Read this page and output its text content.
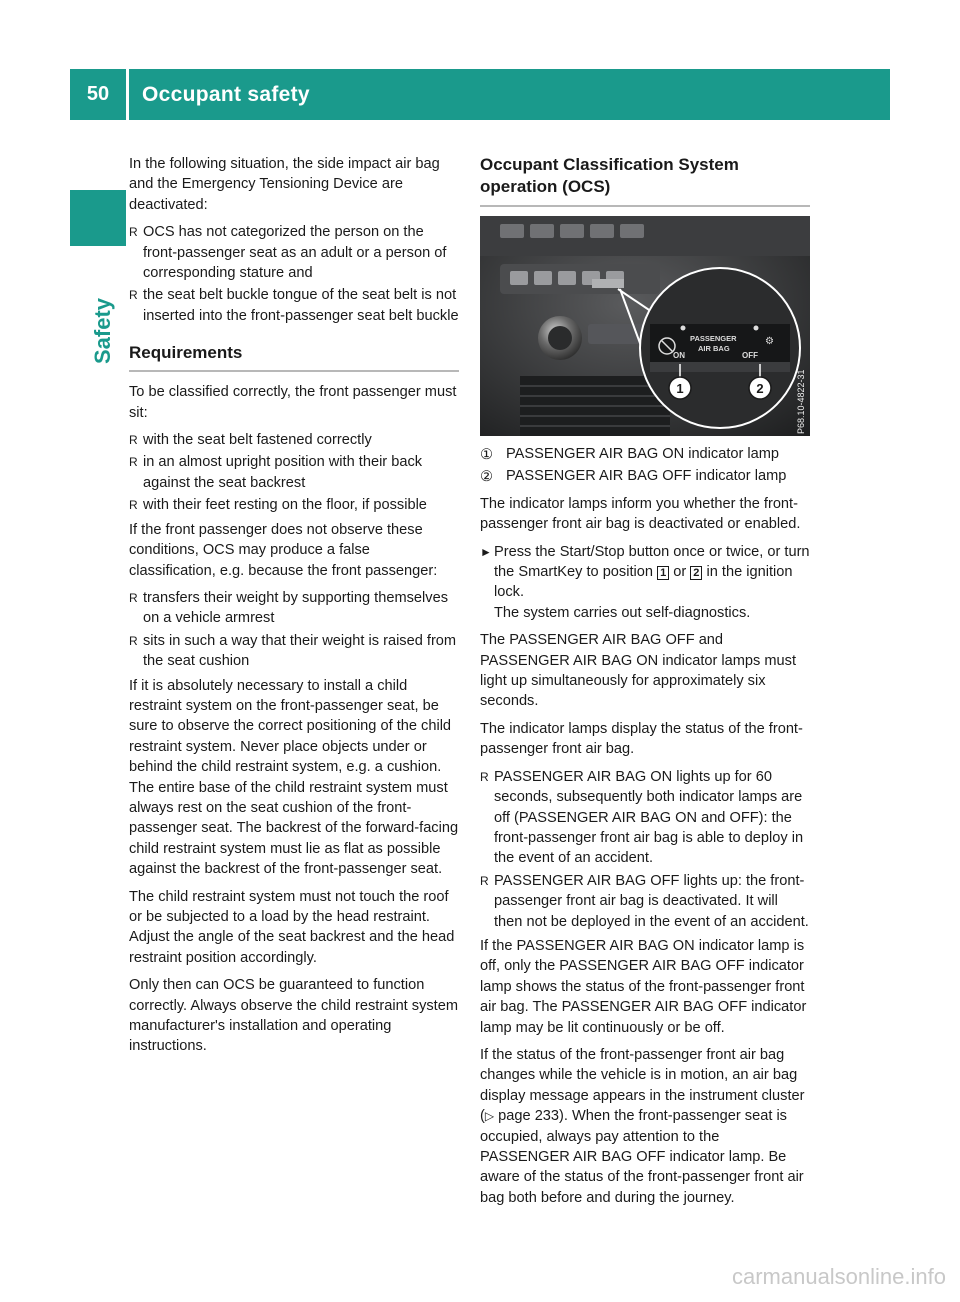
50	Occupant safety
Safety

In the following situation, the side impact air bag and the Emergency Tensioning Device are deactivated:

R OCS has not categorized the person on the front-passenger seat as an adult or a person of corresponding stature and
R the seat belt buckle tongue of the seat belt is not inserted into the front-passenger seat belt buckle
Requirements

To be classified correctly, the front passenger must sit:

R with the seat belt fastened correctly
R in an almost upright position with their back against the seat backrest
R with their feet resting on the floor, if possible

If the front passenger does not observe these conditions, OCS may produce a false classification, e.g. because the front passenger:

R transfers their weight by supporting themselves on a vehicle armrest
R sits in such a way that their weight is raised from the seat cushion

If it is absolutely necessary to install a child restraint system on the front-passenger seat, be sure to observe the correct positioning of the child restraint system. Never place objects under or behind the child restraint system, e.g. a cushion. The entire base of the child restraint system must always rest on the seat cushion of the front-passenger seat. The backrest of the forward-facing child restraint system must lie as flat as possible against the backrest of the front-passenger seat.

The child restraint system must not touch the roof or be subjected to a load by the head restraint. Adjust the angle of the seat backrest and the head restraint position accordingly.

Only then can OCS be guaranteed to function correctly. Always observe the child restraint system manufacturer's installation and operating instructions.

Occupant Classification System operation (OCS)
ON
PASSENGER
AIR BAG
OFF
⚙
1	2	P68.10-4822-31
① PASSENGER AIR BAG ON indicator lamp
② PASSENGER AIR BAG OFF indicator lamp

The indicator lamps inform you whether the front-passenger front air bag is deactivated or enabled.

► Press the Start/Stop button once or twice, or turn the SmartKey to position 1 or 2 in the ignition lock.
The system carries out self-diagnostics.

The PASSENGER AIR BAG OFF and PASSENGER AIR BAG ON indicator lamps must light up simultaneously for approximately six seconds.

The indicator lamps display the status of the front-passenger front air bag.

R PASSENGER AIR BAG ON lights up for 60 seconds, subsequently both indicator lamps are off (PASSENGER AIR BAG ON and OFF): the front-passenger front air bag is able to deploy in the event of an accident.
R PASSENGER AIR BAG OFF lights up: the front-passenger front air bag is deactivated. It will then not be deployed in the event of an accident.

If the PASSENGER AIR BAG ON indicator lamp is off, only the PASSENGER AIR BAG OFF indicator lamp shows the status of the front-passenger front air bag. The PASSENGER AIR BAG OFF indicator lamp may be lit continuously or be off.

If the status of the front-passenger front air bag changes while the vehicle is in motion, an air bag display message appears in the instrument cluster (▷ page 233). When the front-passenger seat is occupied, always pay attention to the PASSENGER AIR BAG OFF indicator lamp. Be aware of the status of the front-passenger front air bag both before and during the journey.

carmanualsonline.info
